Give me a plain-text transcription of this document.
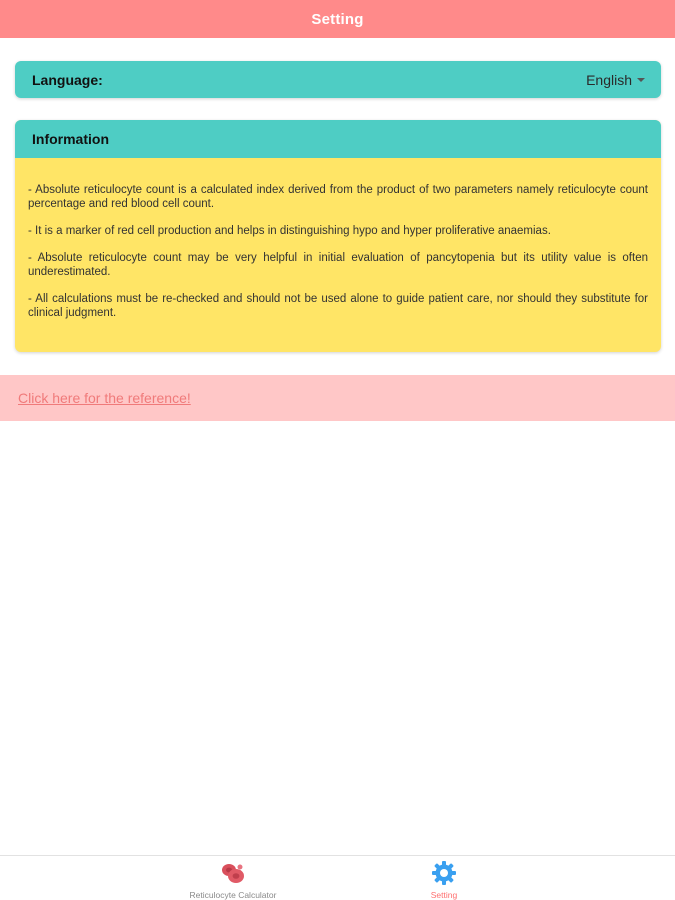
Setting
Language:	English
Information

- Absolute reticulocyte count is a calculated index derived from the product of two parameters namely reticulocyte count percentage and red blood cell count.

- It is a marker of red cell production and helps in distinguishing hypo and hyper proliferative anaemias.

- Absolute reticulocyte count may be very helpful in initial evaluation of pancytopenia but its utility value is often underestimated.

- All calculations must be re-checked and should not be used alone to guide patient care, nor should they substitute for clinical judgment.

Click here for the reference!
Reticulocyte Calculator	Setting
